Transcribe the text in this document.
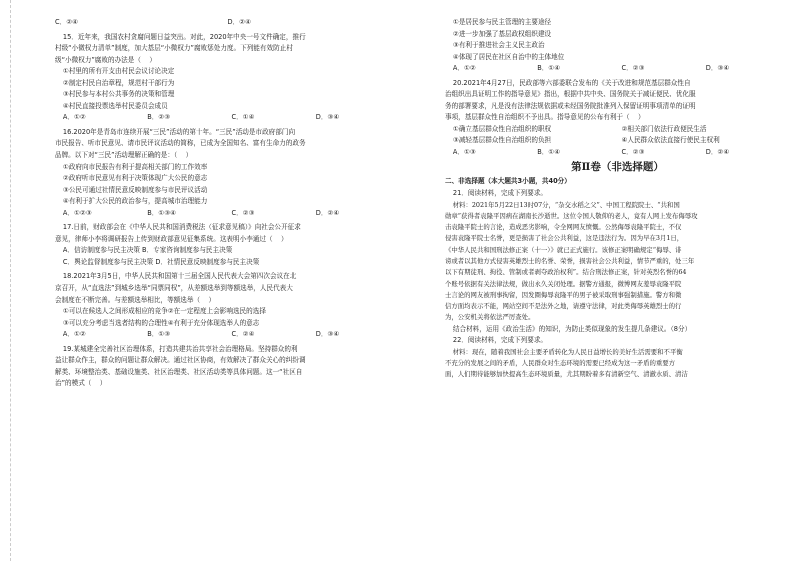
C．②④	D．②④

15．近年来，我国农村贪腐问题日益突出。对此，2020年中央一号文件确定，推行

村级“小微权力清单”制度，加大基层“小微权力”腐败惩处力度。下列能有效防止村

级“小微权力”腐败的办法是（    ）

①村里的所有开支由村民会议讨论决定

②制定村民自治章程，规范村干部行为

③村民参与本村公共事务的决策和管理

④村民直接投票选举村民委员会成员

A．①②	B．②③	C．①④	D．③④

16.2020年是青岛市连续开展“三民”活动的第十年。“三民”活动是市政府部门向

市民报告、听市民意见、请市民评议活动的简称，已成为全国知名、富有生命力的政务

品牌。以下对“三民”活动理解正确的是：（    ）

①政府向市民报告有利于提高相关部门的工作效率

②政府听市民意见有利于决策体现广大公民的意志

③公民可通过社情民意反映制度参与市民评议活动

④有利于扩大公民的政治参与，提高城市治理能力

A．①②③	B．①③④	C．②③	D．②④

17.日前，财政部会在《中华人民共和国消费税法（征求意见稿）》向社会公开征求

意见，律师小李将调研报告上传到财政部意见征集系统。这表明小李通过（    ）

A．信访制度参与民主决策 B．专家咨询制度参与民主决策

C．舆论监督制度参与民主决策 D．社情民意反映制度参与民主决策

18.2021年3月5日，中华人民共和国第十三届全国人民代表大会第四次会议在北

京召开，从“直选法”到城乡选举“同票同权”，从差额选举到等额选举，人民代表大

会制度在不断完善。与差额选举相比，等额选举（    ）

①可以在候选人之间形成相应的竞争②在一定程度上会影响选民的选择

③可以充分考虑当选者结构的合理性④有利于充分体现选举人的意志

A．①②	B．①③	C．②④	D．③④

19.某城建全完善社区治理体系，打造共建共治共享社会治理格局。坚持群众的利

益让群众作主，群众的问题让群众解决。通过社区协商，有效解决了群众关心的纠纷调

解类、环境整治类、基础设施类、社区治理类、社区活动类等具体问题。这一“社区自

治”的模式（    ）

①是居民参与民主管理的主要途径

②进一步加强了基层政权组织建设

③有利于推进社会主义民主政治

④体现了居民在社区自治中的主体地位

A．①②	B．①④	C．②③	D．③④

20.2021年4月27日，民政部等六部委联合发布的《关于改进和规范基层群众性自

治组织出具证明工作的指导意见》指出，根据中共中央、国务院关于减证便民、优化服

务的部署要求，凡是没有法律法规依据或未经国务院批准列入保留证明事项清单的证明

事项，基层群众性自治组织不予出具。指导意见的公布有利于（    ）

①确立基层群众性自治组织的职权	②相关部门依法行政便民生活
③减轻基层群众性自治组织的负担	④人民群众依法直接行使民主权利
A．①③	B．①④	C．②③	D．②④
第Ⅱ卷（非选择题）

二、非选择题（本大题共3小题，共40分）

21．阅读材料，完成下列要求。

材料：2021年5月22日13时07分，“杂交水稻之父”、中国工程院院士、“共和国

勋章”获得者袁隆平因病在湖南长沙逝世。这位令国人敬仰的老人，竟有人网上发布侮辱攻

击袁隆平院士的言论，造成恶劣影响，令全网网友愤慨。公然侮辱袁隆平院士，不仅

侵害袁隆平院士名誉，更是损害了社会公共利益，这是违法行为。因为早在3月1日，

《中华人民共和国刑法修正案（十一）》就已正式施行。该修正案明确规定“侮辱、诽

谤或者以其他方式侵害英雄烈士的名誉、荣誉，损害社会公共利益，情节严重的，处三年

以下有期徒刑、拘役、管制或者剥夺政治权利”。结合刑法修正案，针对英烈名誉的64

个账号依据有关法律法规，做出永久关闭处理。据警方通报，微博网友羞辱袁隆平院

士言论的网友被刑事拘留，因发圈侮辱袁隆平的男子被采取刑事强制措施。警方和微

信方面均表示不能，网站空间不是法外之地，请遵守法律，对此类侮辱英雄烈士的行

为，公安机关将依法严厉查处。

结合材料，运用《政治生活》的知识，为防止类似现象的发生提几条建议。（8分）

22．阅读材料，完成下列要求。

材料：现在，随着我国社会主要矛盾转化为人民日益增长的美好生活需要和不平衡

不充分的发展之间的矛盾，人民群众对生态环境的需要已经成为这一矛盾的重要方

面，人们期待能够加快提高生态环境质量，尤其期盼着多有清新空气、清澈水质、清洁
